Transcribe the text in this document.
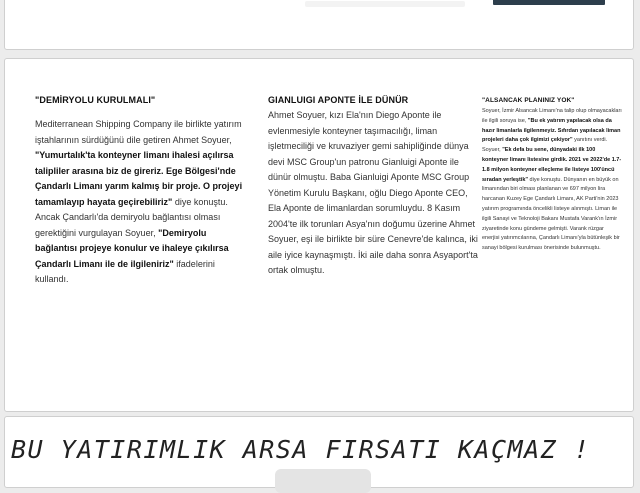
"DEMİRYOLU KURULMALI"

Mediterranean Shipping Company ile birlikte yatırım iştahlarının sürdüğünü dile getiren Ahmet Soyuer, "Yumurtalık'ta konteyner limanı ihalesi açılırsa talipliler arasına biz de gireriz. Ege Bölgesi'nde Çandarlı Limanı yarım kalmış bir proje. O projeyi tamamlayıp hayata geçirebiliriz" diye konuştu. Ancak Çandarlı'da demiryolu bağlantısı olması gerektiğini vurgulayan Soyuer, "Demiryolu bağlantısı projeye konulur ve ihaleye çıkılırsa Çandarlı Limanı ile de ilgileniriz" ifadelerini kullandı.

GIANLUIGI APONTE İLE DÜNÜR

Ahmet Soyuer, kızı Ela'nın Diego Aponte ile evlenmesiyle konteyner taşımacılığı, liman işletmeciliği ve kruvaziyer gemi sahipliğinde dünya devi MSC Group'un patronu Gianluigi Aponte ile dünür olmuştu. Baba Gianluigi Aponte MSC Group Yönetim Kurulu Başkanı, oğlu Diego Aponte CEO, Ela Aponte de limanlardan sorumluydu. 8 Kasım 2004'te ilk torunları Asya'nın doğumu üzerine Ahmet Soyuer, eşi ile birlikte bir süre Cenevre'de kalınca, iki aile iyice kaynaşmıştı. İki aile daha sonra Asyaport'ta ortak olmuştu.

"ALSANCAK PLANINIZ YOK"

Soyuer, İzmir Alsancak Limanı'na talip olup olmayacakları ile ilgili soruya ise, "Bu ek yatırım yapılacak olsa da hazır limanlarla ilgilenmeyiz. Sıfırdan yapılacak liman projeleri daha çok ilgimizi çekiyor" yanıtını verdi. Soyuer, "Ek defa bu sene, dünyadaki ilk 100 konteyner limanı listesine girdik. 2021 ve 2022'de 1.7- 1.8 milyon konteyner elleçleme ile listeye 100'üncü sıradan yerleştik" diye konuştu. Dünyanın en büyük on limanından biri olması planlanan ve 697 milyon lira harcanan Kuzey Ege Çandarlı Limanı, AK Parti'nin 2023 yatırım programında öncelikli listeye alınmıştı. Liman ile ilgili Sanayi ve Teknoloji Bakanı Mustafa Varank'ın İzmir ziyaretinde konu gündeme gelmişti. Varank rüzgar enerjisi yatırımcılarına, Çandarlı Limanı'yla bütünleşik bir sanayi bölgesi kurulması önerisinde bulunmuştu.

BU YATIRIMLIK ARSA FIRSATI KAÇMAZ !
